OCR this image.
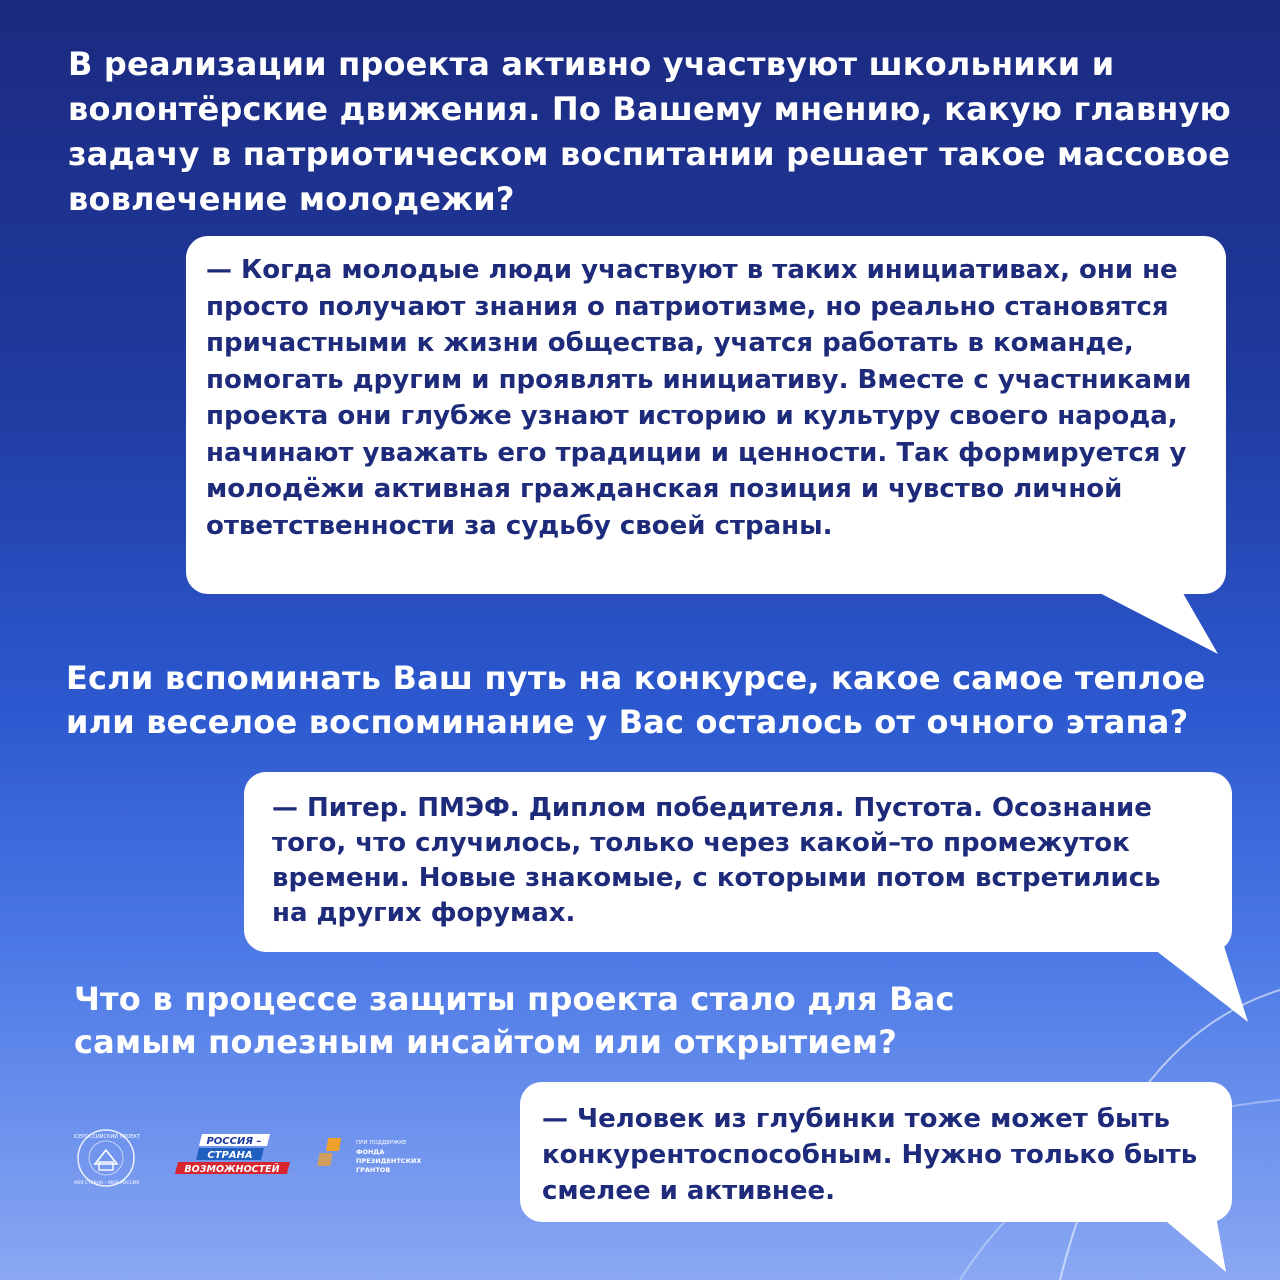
В реализации проекта активно участвуют школьники и волонтёрские движения. По Вашему мнению, какую главную задачу в патриотическом воспитании решает такое массовое вовлечение молодежи?
— Когда молодые люди участвуют в таких инициативах, они не просто получают знания о патриотизме, но реально становятся причастными к жизни общества, учатся работать в команде, помогать другим и проявлять инициативу. Вместе с участниками проекта они глубже узнают историю и культуру своего народа, начинают уважать его традиции и ценности. Так формируется у молодёжи активная гражданская позиция и чувство личной ответственности за судьбу своей страны.
Если вспоминать Ваш путь на конкурсе, какое самое теплое или веселое воспоминание у Вас осталось от очного этапа?
— Питер. ПМЭФ. Диплом победителя. Пустота. Осознание того, что случилось, только через какой–то промежуток времени. Новые знакомые, с которыми потом встретились на других форумах.
Что в процессе защиты проекта стало для Вас самым полезным инсайтом или открытием?
— Человек из глубинки тоже может быть конкурентоспособным. Нужно только быть смелее и активнее.
ВСЕРОССИЙСКИЙ ПРОЕКТ
МОЯ СТРАНА – МОЯ РОССИЯ
РОССИЯ –
СТРАНА
ВОЗМОЖНОСТЕЙ
ПРИ ПОДДЕРЖКЕ
ФОНДА
ПРЕЗИДЕНТСКИХ
ГРАНТОВ
